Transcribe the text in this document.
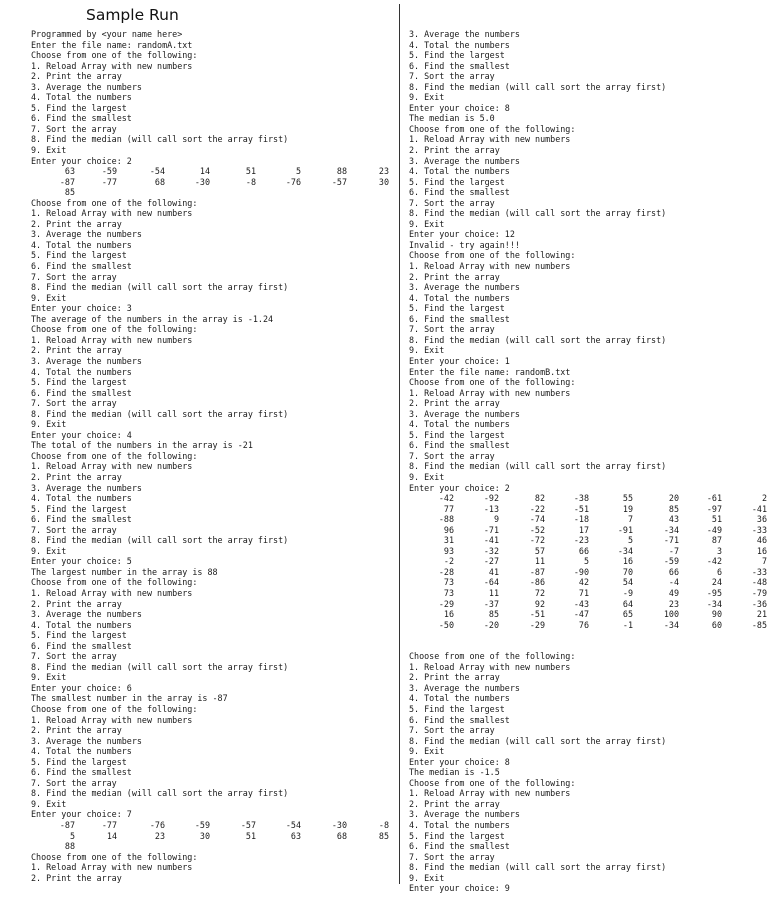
Sample Run
Programmed by <your name here>
Enter the file name: randomA.txt
Choose from one of the following:
1. Reload Array with new numbers
2. Print the array
3. Average the numbers
4. Total the numbers
5. Find the largest
6. Find the smallest
7. Sort the array
8. Find the median (will call sort the array first)
9. Exit
Enter your choice: 2
63	-59	-54	14	51	5	88	23
-87	-77	68	-30	-8	-76	-57	30
85
Choose from one of the following:
1. Reload Array with new numbers
2. Print the array
3. Average the numbers
4. Total the numbers
5. Find the largest
6. Find the smallest
7. Sort the array
8. Find the median (will call sort the array first)
9. Exit
Enter your choice: 3
The average of the numbers in the array is -1.24
Choose from one of the following:
1. Reload Array with new numbers
2. Print the array
3. Average the numbers
4. Total the numbers
5. Find the largest
6. Find the smallest
7. Sort the array
8. Find the median (will call sort the array first)
9. Exit
Enter your choice: 4
The total of the numbers in the array is -21
Choose from one of the following:
1. Reload Array with new numbers
2. Print the array
3. Average the numbers
4. Total the numbers
5. Find the largest
6. Find the smallest
7. Sort the array
8. Find the median (will call sort the array first)
9. Exit
Enter your choice: 5
The largest number in the array is 88
Choose from one of the following:
1. Reload Array with new numbers
2. Print the array
3. Average the numbers
4. Total the numbers
5. Find the largest
6. Find the smallest
7. Sort the array
8. Find the median (will call sort the array first)
9. Exit
Enter your choice: 6
The smallest number in the array is -87
Choose from one of the following:
1. Reload Array with new numbers
2. Print the array
3. Average the numbers
4. Total the numbers
5. Find the largest
6. Find the smallest
7. Sort the array
8. Find the median (will call sort the array first)
9. Exit
Enter your choice: 7
-87	-77	-76	-59	-57	-54	-30	-8
5	14	23	30	51	63	68	85
88
Choose from one of the following:
1. Reload Array with new numbers
2. Print the array
3. Average the numbers
4. Total the numbers
5. Find the largest
6. Find the smallest
7. Sort the array
8. Find the median (will call sort the array first)
9. Exit
Enter your choice: 8
The median is 5.0
Choose from one of the following:
1. Reload Array with new numbers
2. Print the array
3. Average the numbers
4. Total the numbers
5. Find the largest
6. Find the smallest
7. Sort the array
8. Find the median (will call sort the array first)
9. Exit
Enter your choice: 12
Invalid - try again!!!
Choose from one of the following:
1. Reload Array with new numbers
2. Print the array
3. Average the numbers
4. Total the numbers
5. Find the largest
6. Find the smallest
7. Sort the array
8. Find the median (will call sort the array first)
9. Exit
Enter your choice: 1
Enter the file name: randomB.txt
Choose from one of the following:
1. Reload Array with new numbers
2. Print the array
3. Average the numbers
4. Total the numbers
5. Find the largest
6. Find the smallest
7. Sort the array
8. Find the median (will call sort the array first)
9. Exit
Enter your choice: 2
-42	-92	82	-38	55	20	-61	2
77	-13	-22	-51	19	85	-97	-41
-88	9	-74	-18	7	43	51	36
96	-71	-52	17	-91	-34	-49	-33
31	-41	-72	-23	5	-71	87	46
93	-32	57	66	-34	-7	3	16
-2	-27	11	5	16	-59	-42	7
-28	41	-87	-90	70	66	6	-33
73	-64	-86	42	54	-4	24	-48
73	11	72	71	-9	49	-95	-79
-29	-37	92	-43	64	23	-34	-36
16	85	-51	-47	65	100	90	21
-50	-20	-29	76	-1	-34	60	-85
Choose from one of the following:
1. Reload Array with new numbers
2. Print the array
3. Average the numbers
4. Total the numbers
5. Find the largest
6. Find the smallest
7. Sort the array
8. Find the median (will call sort the array first)
9. Exit
Enter your choice: 8
The median is -1.5
Choose from one of the following:
1. Reload Array with new numbers
2. Print the array
3. Average the numbers
4. Total the numbers
5. Find the largest
6. Find the smallest
7. Sort the array
8. Find the median (will call sort the array first)
9. Exit
Enter your choice: 9
